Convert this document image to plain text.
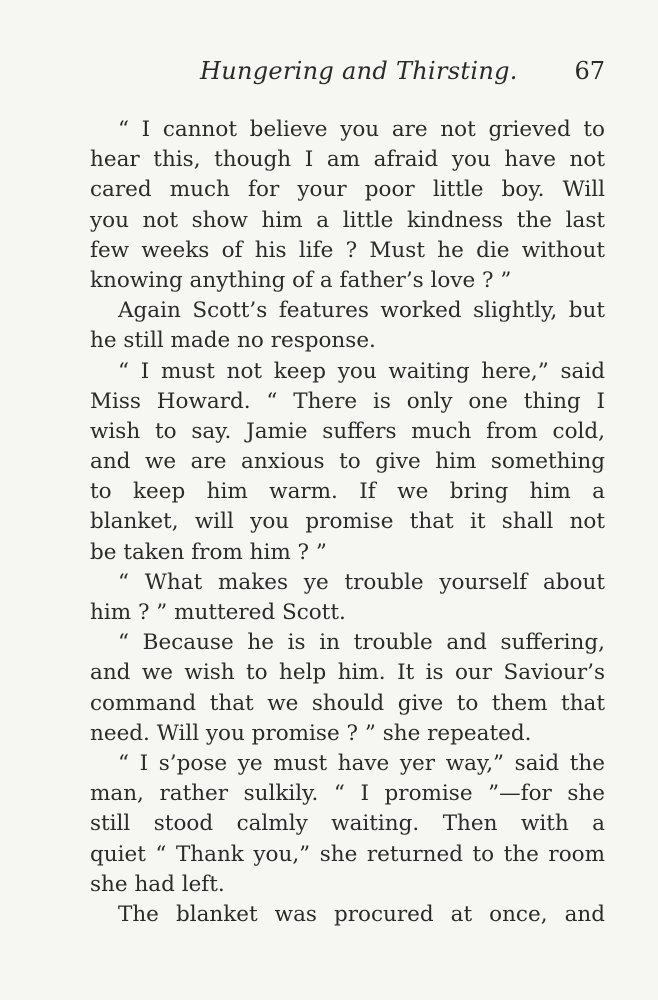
Hungering and Thirsting. 67
“ I cannot believe you are not grieved to
hear this, though I am afraid you have not
cared much for your poor little boy. Will
you not show him a little kindness the last
few weeks of his life ? Must he die without
knowing anything of a father’s love ? ”
Again Scott’s features worked slightly, but
he still made no response.
“ I must not keep you waiting here,” said
Miss Howard. “ There is only one thing I
wish to say. Jamie suffers much from cold,
and we are anxious to give him something
to keep him warm. If we bring him a
blanket, will you promise that it shall not
be taken from him ? ”
“ What makes ye trouble yourself about
him ? ” muttered Scott.
“ Because he is in trouble and suffering,
and we wish to help him. It is our Saviour’s
command that we should give to them that
need. Will you promise ? ” she repeated.
“ I s’pose ye must have yer way,” said the
man, rather sulkily. “ I promise ”—for she
still stood calmly waiting. Then with a
quiet “ Thank you,” she returned to the room
she had left.
The blanket was procured at once, and
